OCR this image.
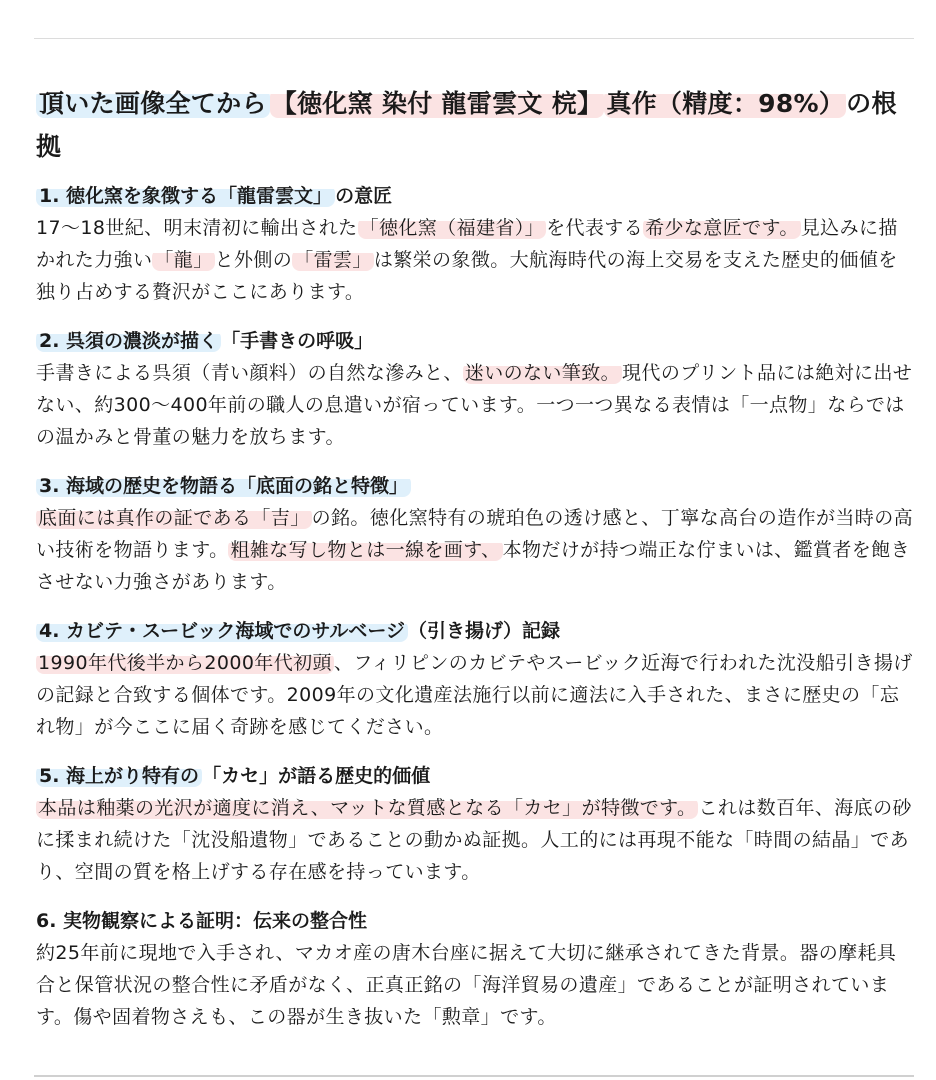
頂いた画像全てから 【徳化窯 染付 龍雷雲文 梡】 真作（精度：98%）の根拠

1. 徳化窯を象徴する「龍雷雲文」 の意匠

17〜18世紀、明末清初に輸出された 「徳化窯（福建省）」 を代表する 希少な意匠です。 見込みに描かれた力強い 「龍」 と外側の 「雷雲」 は繁栄の象徴。大航海時代の海上交易を支えた歴史的価値を独り占めする贅沢がここにあります。

2. 呉須の濃淡が描く 「手書きの呼吸」

手書きによる呉須（青い顔料）の自然な滲みと、 迷いのない筆致。 現代のプリント品には絶対に出せない、約300〜400年前の職人の息遣いが宿っています。一つ一つ異なる表情は「一点物」ならではの温かみと骨董の魅力を放ちます。

3. 海域の歴史を物語る「底面の銘と特徴」

底面には真作の証である「吉」 の銘。徳化窯特有の琥珀色の透け感と、丁寧な高台の造作が当時の高い技術を物語ります。 粗雑な写し物とは一線を画す、 本物だけが持つ端正な佇まいは、鑑賞者を飽きさせない力強さがあります。

4. カビテ・スービック海域でのサルベージ （引き揚げ）記録

1990年代後半から2000年代初頭 、フィリピンのカビテやスービック近海で行われた沈没船引き揚げの記録と合致する個体です。2009年の文化遺産法施行以前に適法に入手された、まさに歴史の「忘れ物」が今ここに届く奇跡を感じてください。

5. 海上がり特有の 「カセ」が語る歴史的価値

本品は釉薬の光沢が適度に消え、マットな質感となる「カセ」が特徴です。 これは数百年、海底の砂に揉まれ続けた「沈没船遺物」であることの動かぬ証拠。人工的には再現不能な「時間の結晶」であり、空間の質を格上げする存在感を持っています。

6. 実物観察による証明：伝来の整合性

約25年前に現地で入手され、マカオ産の唐木台座に据えて大切に継承されてきた背景。器の摩耗具合と保管状況の整合性に矛盾がなく、正真正銘の「海洋貿易の遺産」であることが証明されています。傷や固着物さえも、この器が生き抜いた「勲章」です。
